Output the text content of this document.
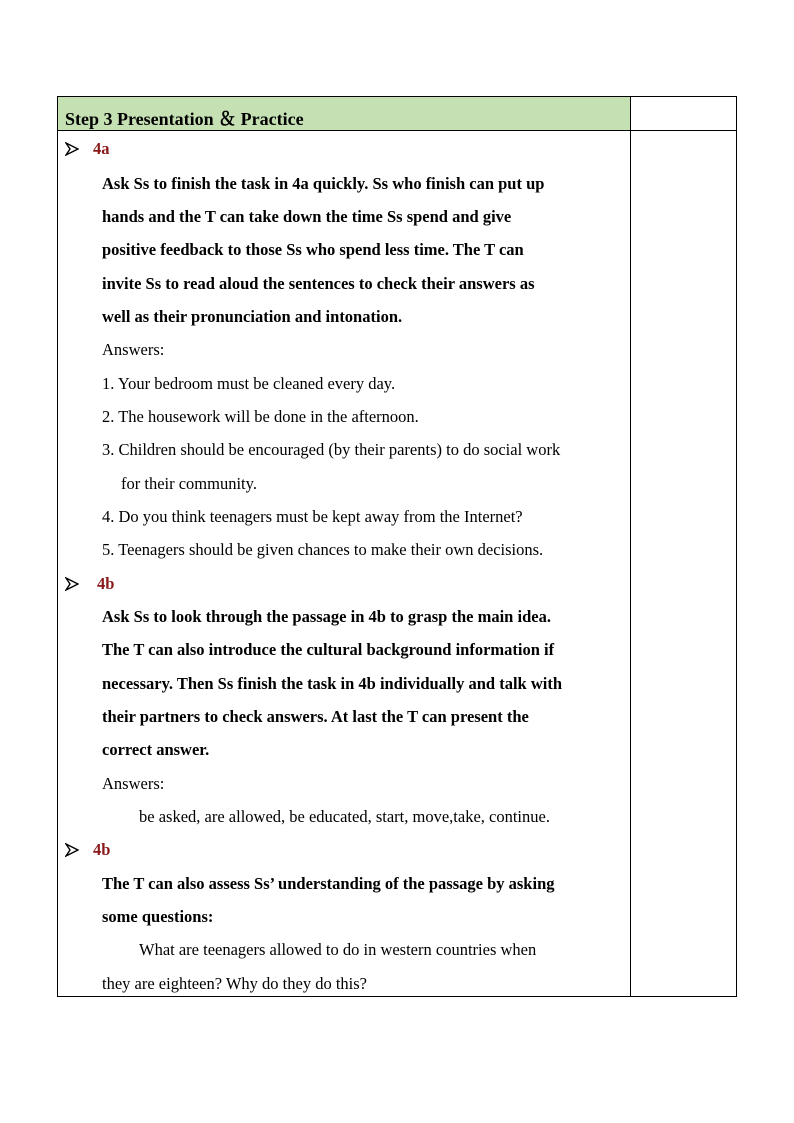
Step 3 Presentation ＆ Practice
4a
Ask Ss to finish the task in 4a quickly. Ss who finish can put up
hands and the T can take down the time Ss spend and give
positive feedback to those Ss who spend less time. The T can
invite Ss to read aloud the sentences to check their answers as
well as their pronunciation and intonation.
Answers:
1. Your bedroom must be cleaned every day.
2. The housework will be done in the afternoon.
3. Children should be encouraged (by their parents) to do social work
for their community.
4. Do you think teenagers must be kept away from the Internet?
5. Teenagers should be given chances to make their own decisions.
4b
Ask Ss to look through the passage in 4b to grasp the main idea.
The T can also introduce the cultural background information if
necessary. Then Ss finish the task in 4b individually and talk with
their partners to check answers. At last the T can present the
correct answer.
Answers:
be asked, are allowed, be educated, start, move,take, continue.
4b
The T can also assess Ss’ understanding of the passage by asking
some questions:
What are teenagers allowed to do in western countries when
they are eighteen? Why do they do this?
